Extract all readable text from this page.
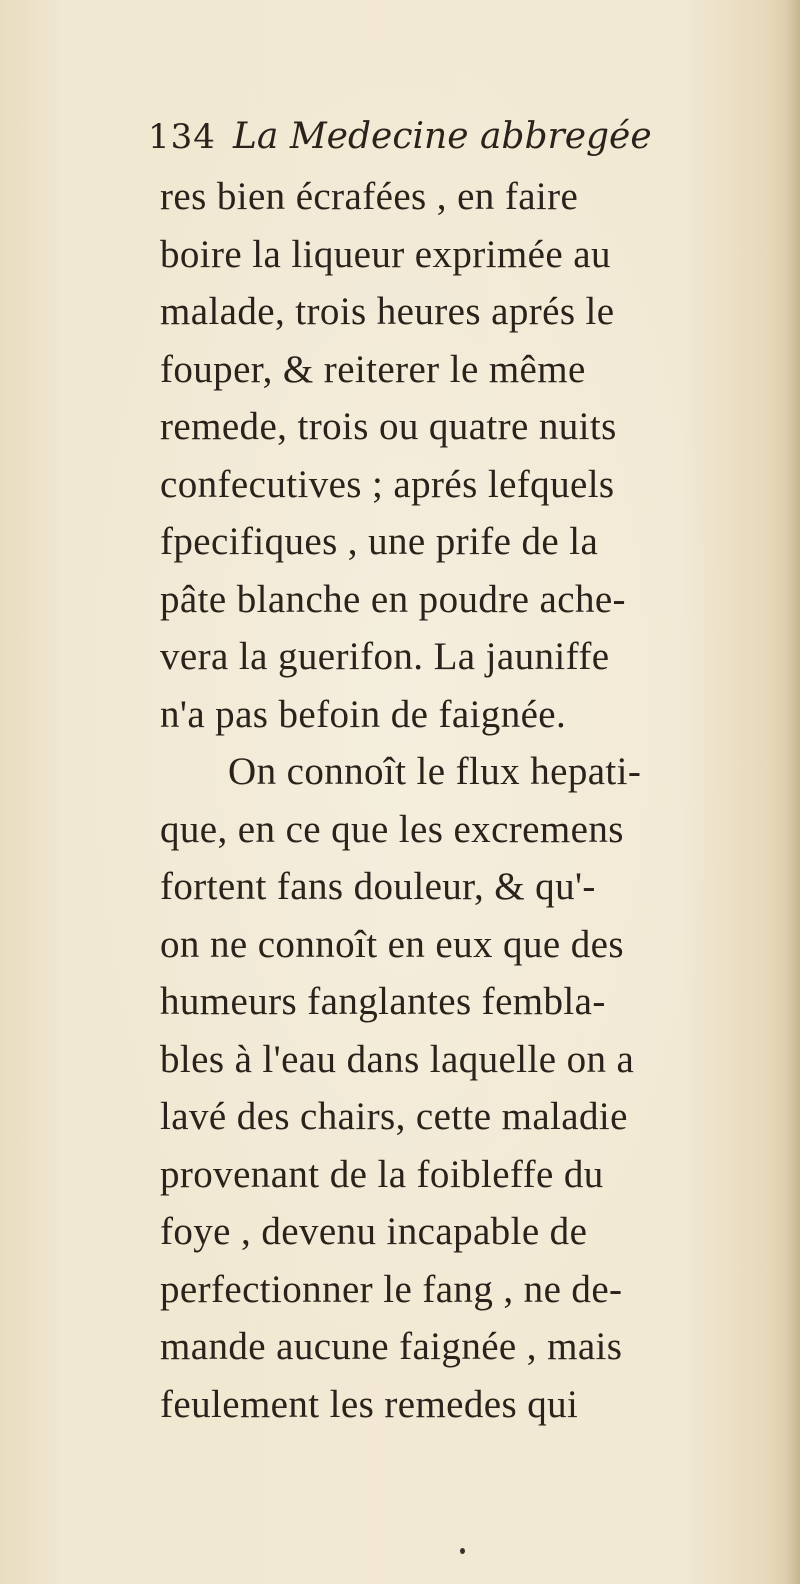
134 La Medecine abbregée
res bien écrafées , en faire
boire la liqueur exprimée au
malade, trois heures aprés le
fouper, & reiterer le même
remede, trois ou quatre nuits
confecutives ; aprés lefquels
fpecifiques , une prife de la
pâte blanche en poudre ache-
vera la guerifon. La jauniffe
n'a pas befoin de faignée.
On connoît le flux hepati-
que, en ce que les excremens
fortent fans douleur, & qu'-
on ne connoît en eux que des
humeurs fanglantes fembla-
bles à l'eau dans laquelle on a
lavé des chairs, cette maladie
provenant de la foibleffe du
foye , devenu incapable de
perfectionner le fang , ne de-
mande aucune faignée , mais
feulement les remedes qui
